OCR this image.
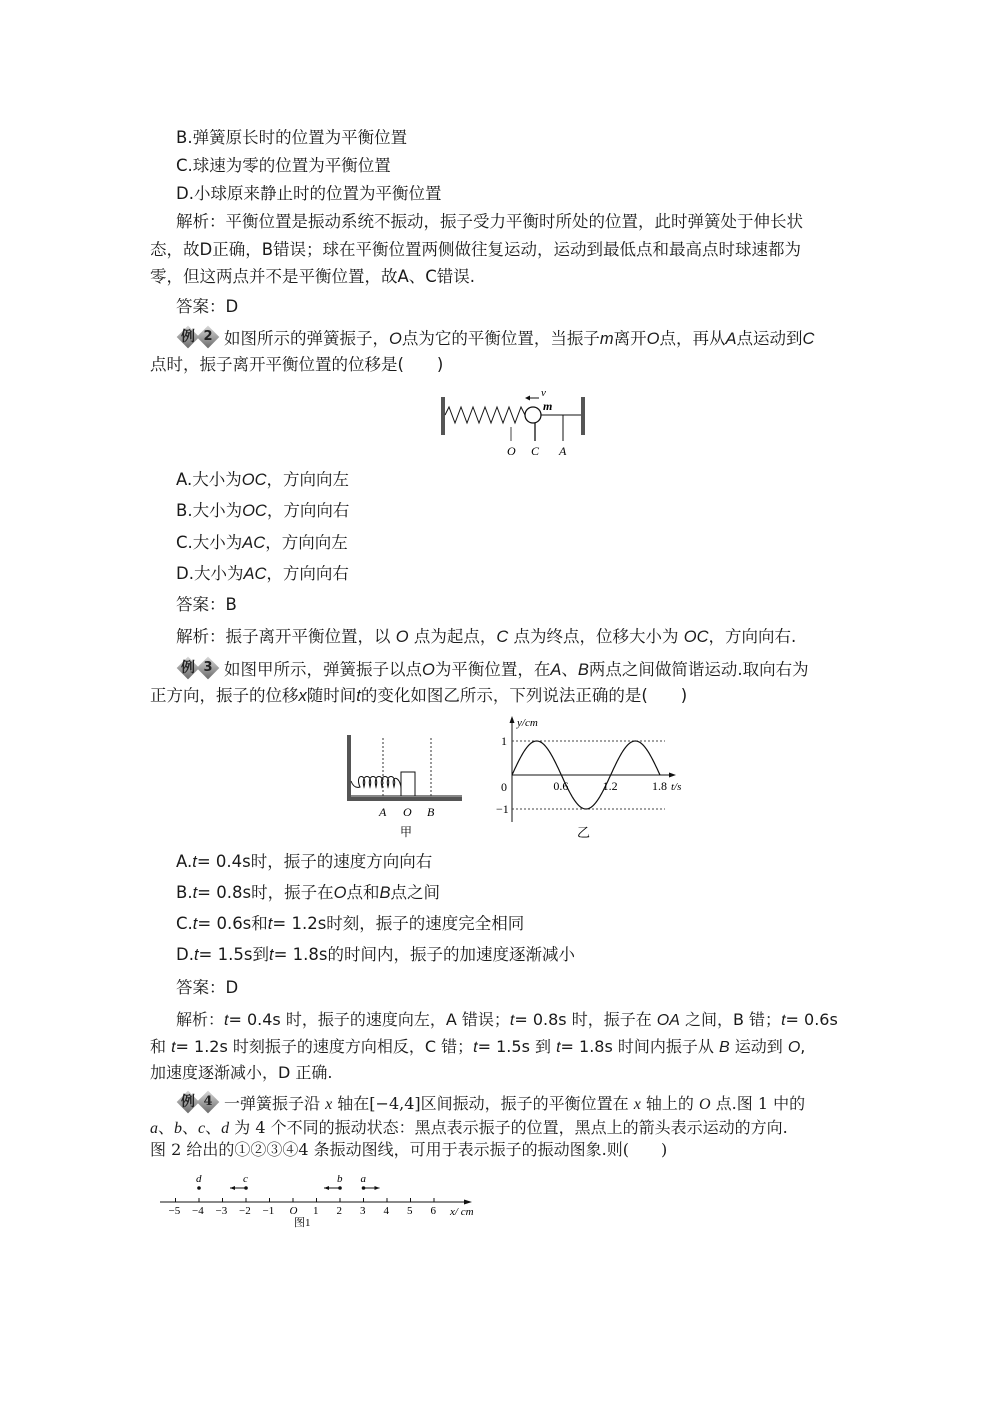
B.弹簧原长时的位置为平衡位置
C.球速为零的位置为平衡位置
D.小球原来静止时的位置为平衡位置
解析：平衡位置是振动系统不振动，振子受力平衡时所处的位置，此时弹簧处于伸长状
态，故D正确，B错误；球在平衡位置两侧做往复运动，运动到最低点和最高点时球速都为
零，但这两点并不是平衡位置，故A、C错误.
答案：D
例 2 如图所示的弹簧振子，O点为它的平衡位置，当振子m离开O点，再从A点运动到C
点时，振子离开平衡位置的位移是(　　)
v
m
O C A
A.大小为OC，方向向左
B.大小为OC，方向向右
C.大小为AC，方向向左
D.大小为AC，方向向右
答案：B
解析：振子离开平衡位置，以 O 点为起点，C 点为终点，位移大小为 OC，方向向右.
例 3 如图甲所示，弹簧振子以点O为平衡位置，在A、B两点之间做简谐运动.取向右为
正方向，振子的位移x随时间t的变化如图乙所示，下列说法正确的是(　　)
A O B
甲
y/cm
1
0
−1
0.6	1.2	1.8 t/s
乙
A.t= 0.4s时，振子的速度方向向右
B.t= 0.8s时，振子在O点和B点之间
C.t= 0.6s和t= 1.2s时刻，振子的速度完全相同
D.t= 1.5s到t= 1.8s的时间内，振子的加速度逐渐减小
答案：D
解析：t= 0.4s 时，振子的速度向左，A 错误；t= 0.8s 时，振子在 OA 之间，B 错；t= 0.6s
和 t= 1.2s 时刻振子的速度方向相反，C 错；t= 1.5s 到 t= 1.8s 时间内振子从 B 运动到 O,
加速度逐渐减小，D 正确.
例 4 一弹簧振子沿 x 轴在[−4,4]区间振动，振子的平衡位置在 x 轴上的 O 点.图 1 中的
a、b、c、d 为 4 个不同的振动状态：黑点表示振子的位置，黑点上的箭头表示运动的方向.
图 2 给出的①②③④4 条振动图线，可用于表示振子的振动图象.则(　　)
−5 −4 −3 −2 −1 O 1 2 3 4 5 6
a
b
c
d
x/ cm
图1
